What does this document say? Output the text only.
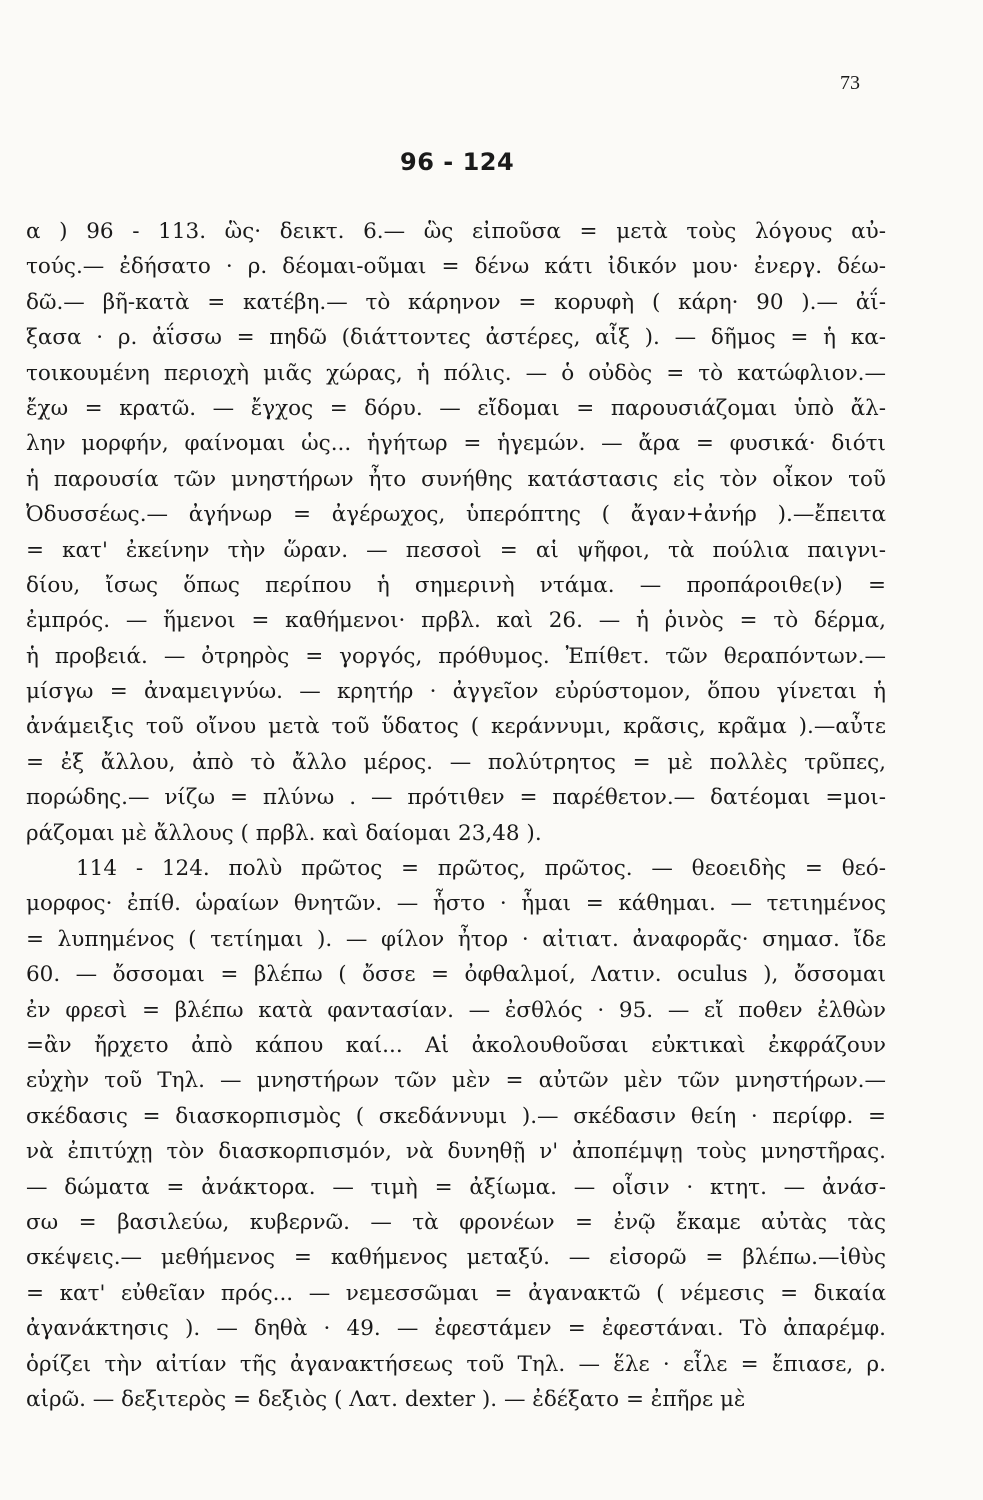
73
96 - 124
α ) 96 - 113. ὣς· δεικτ. 6.— ὣς εἰποῦσα = μετὰ τοὺς λόγους αὐ-
τούς.— ἐδήσατο · ρ. δέομαι-οῦμαι = δένω κάτι ἰδικόν μου· ἐνεργ. δέω-
δῶ.— βῆ-κατὰ = κατέβη.— τὸ κάρηνον = κορυφὴ ( κάρη· 90 ).— ἀΐ-
ξασα · ρ. ἀΐσσω = πηδῶ (διάττοντες ἀστέρες, αἶξ ). — δῆμος = ἡ κα-
τοικουμένη περιοχὴ μιᾶς χώρας, ἡ πόλις. — ὁ οὐδὸς = τὸ κατώφλιον.—
ἔχω = κρατῶ. — ἔγχος = δόρυ. — εἴδομαι = παρουσιάζομαι ὑπὸ ἄλ-
λην μορφήν, φαίνομαι ὡς... ἡγήτωρ = ἡγεμών. — ἄρα = φυσικά· διότι
ἡ παρουσία τῶν μνηστήρων ἦτο συνήθης κατάστασις εἰς τὸν οἶκον τοῦ
Ὀδυσσέως.— ἀγήνωρ = ἀγέρωχος, ὑπερόπτης ( ἄγαν+ἀνήρ ).—ἔπειτα
= κατ' ἐκείνην τὴν ὥραν. — πεσσοὶ = αἱ ψῆφοι, τὰ πούλια παιγνι-
δίου, ἴσως ὅπως περίπου ἡ σημερινὴ ντάμα. — προπάροιθε(ν) =
ἐμπρός. — ἥμενοι = καθήμενοι· πρβλ. καὶ 26. — ἡ ῥινὸς = τὸ δέρμα,
ἡ προβειά. — ὀτρηρὸς = γοργός, πρόθυμος. Ἐπίθετ. τῶν θεραπόντων.—
μίσγω = ἀναμειγνύω. — κρητήρ · ἀγγεῖον εὐρύστομον, ὅπου γίνεται ἡ
ἀνάμειξις τοῦ οἴνου μετὰ τοῦ ὕδατος ( κεράννυμι, κρᾶσις, κρᾶμα ).—αὖτε
= ἐξ ἄλλου, ἀπὸ τὸ ἄλλο μέρος. — πολύτρητος = μὲ πολλὲς τρῦπες,
πορώδης.— νίζω = πλύνω . — πρότιθεν = παρέθετον.— δατέομαι =μοι-
ράζομαι μὲ ἄλλους ( πρβλ. καὶ δαίομαι 23,48 ).
114 - 124. πολὺ πρῶτος = πρῶτος, πρῶτος. — θεοειδὴς = θεό-
μορφος· ἐπίθ. ὡραίων θνητῶν. — ἧστο · ἧμαι = κάθημαι. — τετιημένος
= λυπημένος ( τετίημαι ). — φίλον ἦτορ · αἰτιατ. ἀναφορᾶς· σημασ. ἴδε
60. — ὄσσομαι = βλέπω ( ὄσσε = ὀφθαλμοί, Λατιν. oculus ), ὄσσομαι
ἐν φρεσὶ = βλέπω κατὰ φαντασίαν. — ἐσθλός · 95. — εἴ ποθεν ἐλθὼν
=ἂν ἤρχετο ἀπὸ κάπου καί... Αἱ ἀκολουθοῦσαι εὐκτικαὶ ἐκφράζουν
εὐχὴν τοῦ Τηλ. — μνηστήρων τῶν μὲν = αὐτῶν μὲν τῶν μνηστήρων.—
σκέδασις = διασκορπισμὸς ( σκεδάννυμι ).— σκέδασιν θείη · περίφρ. =
νὰ ἐπιτύχῃ τὸν διασκορπισμόν, νὰ δυνηθῇ ν' ἀποπέμψῃ τοὺς μνηστῆρας.
— δώματα = ἀνάκτορα. — τιμὴ = ἀξίωμα. — οἷσιν · κτητ. — ἀνάσ-
σω = βασιλεύω, κυβερνῶ. — τὰ φρονέων = ἐνῷ ἔκαμε αὐτὰς τὰς
σκέψεις.— μεθήμενος = καθήμενος μεταξύ. — εἰσορῶ = βλέπω.—ἰθὺς
= κατ' εὐθεῖαν πρός... — νεμεσσῶμαι = ἀγανακτῶ ( νέμεσις = δικαία
ἀγανάκτησις ). — δηθὰ · 49. — ἐφεστάμεν = ἐφεστάναι. Τὸ ἀπαρέμφ.
ὁρίζει τὴν αἰτίαν τῆς ἀγανακτήσεως τοῦ Τηλ. — ἕλε · εἷλε = ἔπιασε, ρ.
αἱρῶ. — δεξιτερὸς = δεξιὸς ( Λατ. dexter ). — ἐδέξατο = ἐπῆρε μὲ
